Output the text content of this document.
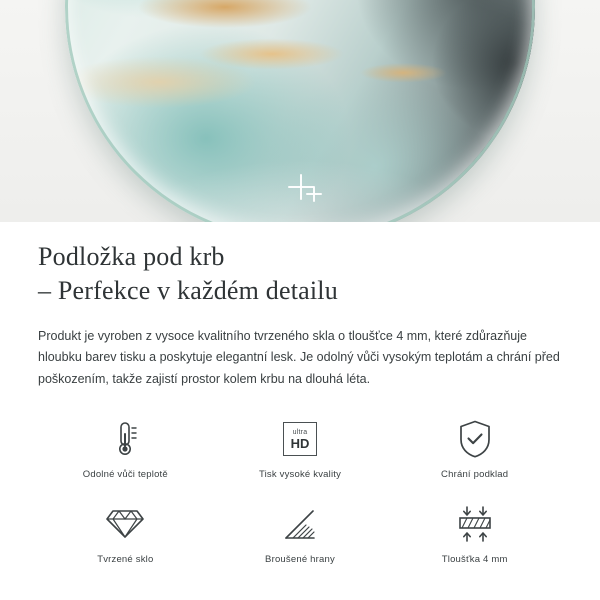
Podložka pod krb
– Perfekce v každém detailu

Produkt je vyroben z vysoce kvalitního tvrzeného skla o tloušťce 4 mm, které zdůrazňuje hloubku barev tisku a poskytuje elegantní lesk. Je odolný vůči vysokým teplotám a chrání před poškozením, takže zajistí prostor kolem krbu na dlouhá léta.

Odolné vůči teplotě
ultra
HD
Tisk vysoké kvality	Chrání podklad
Tvrzené sklo	Broušené hrany	Tloušťka 4 mm
